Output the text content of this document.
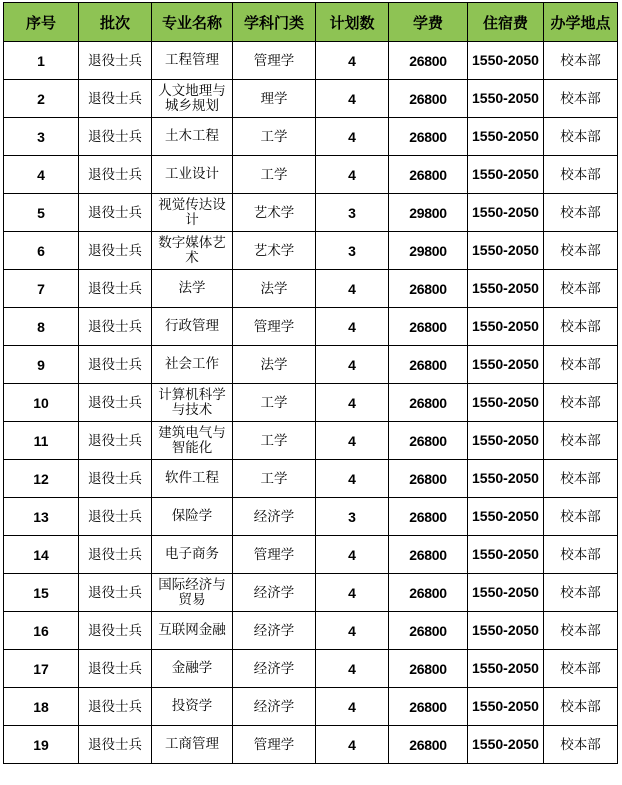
序号	批次	专业名称	学科门类	计划数	学费	住宿费	办学地点
1	退役士兵	工程管理	管理学	4	26800	1550-2050	校本部
2	退役士兵	人文地理与城乡规划	理学	4	26800	1550-2050	校本部
3	退役士兵	土木工程	工学	4	26800	1550-2050	校本部
4	退役士兵	工业设计	工学	4	26800	1550-2050	校本部
5	退役士兵	视觉传达设计	艺术学	3	29800	1550-2050	校本部
6	退役士兵	数字媒体艺术	艺术学	3	29800	1550-2050	校本部
7	退役士兵	法学	法学	4	26800	1550-2050	校本部
8	退役士兵	行政管理	管理学	4	26800	1550-2050	校本部
9	退役士兵	社会工作	法学	4	26800	1550-2050	校本部
10	退役士兵	计算机科学与技术	工学	4	26800	1550-2050	校本部
11	退役士兵	建筑电气与智能化	工学	4	26800	1550-2050	校本部
12	退役士兵	软件工程	工学	4	26800	1550-2050	校本部
13	退役士兵	保险学	经济学	3	26800	1550-2050	校本部
14	退役士兵	电子商务	管理学	4	26800	1550-2050	校本部
15	退役士兵	国际经济与贸易	经济学	4	26800	1550-2050	校本部
16	退役士兵	互联网金融	经济学	4	26800	1550-2050	校本部
17	退役士兵	金融学	经济学	4	26800	1550-2050	校本部
18	退役士兵	投资学	经济学	4	26800	1550-2050	校本部
19	退役士兵	工商管理	管理学	4	26800	1550-2050	校本部
